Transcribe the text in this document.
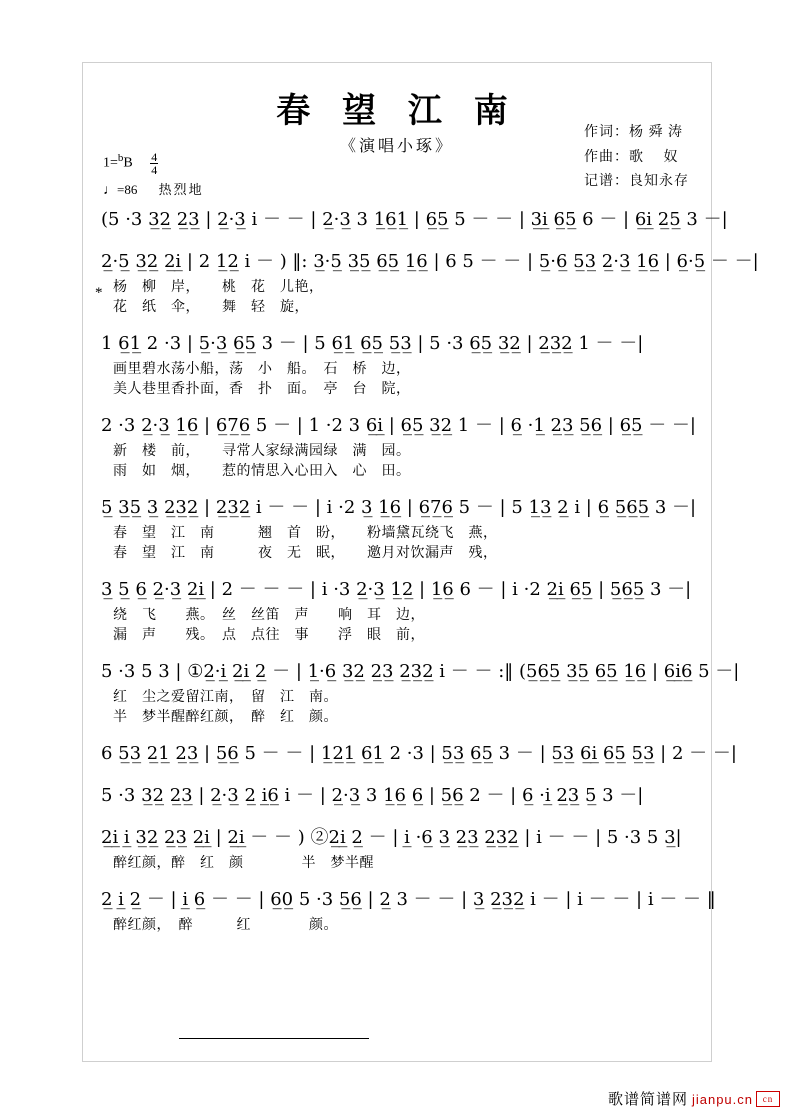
春 望 江 南
《演唱小琢》
作词：杨 舜 涛
作曲：歌　 奴
记谱：良知永存
$1=^bB \frac{4}{4}$
♩=86 热烈地
*
(5 ·3 3̲2̲ 2̲3̲ | 2̲·3̲ i － － | 2̲·3̲ 3 1̲6̲1̲ | 6̲5̲ 5 － － | 3̲i̲ 6̲5̲ 6 － | 6̲i̲ 2̲5̲ 3 －|
2̲·5̲ 3̲2̲ 2̲i̲ | 2 1̲2̲ i － ) ‖: 3̲·5̲ 3̲5̲ 6̲5̲ 1̲6̲ | 6 5 － － | 5̲·6̲ 5̲3̲ 2̲·3̲ 1̲6̲ | 6̲·5̲ － －|
杨　柳　岸，　　桃　花　儿艳，
花　纸　伞，　　舞　轻　旋，
1 6̲1̲ 2 ·3 | 5̲·3̲ 6̲5̲ 3 － | 5 6̲1̲ 6̲5̲ 5̲3̲ | 5 ·3 6̲5̲ 3̲2̲ | 2̲3̲2̲ 1 － －|
画里碧水荡小船，荡　小　船。　石　桥　边，
美人巷里香扑面，香　扑　面。　亭　台　院，
2 ·3 2̲·3̲ 1̲6̲ | 6̲7̲6̲ 5 － | 1 ·2 3 6̲i̲ | 6̲5̲ 3̲2̲ 1 － | 6̲ ·1̲ 2̲3̲ 5̲6̲ | 6̲5̲ － －|
新　楼　前，　　寻常人家绿满园绿　满　园。
雨　如　烟，　　惹的情思入心田入　心　田。
5̲ 3̲5̲ 3̲ 2̲3̲2̲ | 2̲3̲2̲ i － － | i ·2 3̲ 1̲6̲ | 6̲7̲6̲ 5 － | 5 1̲3̲ 2̲ i | 6̲ 5̲6̲5̲ 3 －|
春　望　江　南　　　翘　首　盼，　　粉墙黛瓦绕飞　燕，
春　望　江　南　　　夜　无　眠，　　邀月对饮漏声　残，
3̲ 5̲ 6̲ 2̲·3̲ 2̲i̲ | 2 － － － | i ·3 2̲·3̲ 1̲2̲ | 1̲6̲ 6 － | i ·2 2̲i̲ 6̲5̲ | 5̲6̲5̲ 3 －|
绕　飞　　燕。　丝　丝笛　声　　响　耳　边，
漏　声　　残。　点　点往　事　　浮　眼　前，
5 ·3 5 3 | ①2̲·i̲ 2̲i̲ 2̲ － | 1̲·6̲ 3̲2̲ 2̲3̲ 2̲3̲2̲ i － － :‖ (5̲6̲5̲ 3̲5̲ 6̲5̲ 1̲6̲ | 6̲i̲6̲ 5 －|
红　尘之爱留江南，　留　江　南。
半　梦半醒醉红颜，　醉　红　颜。
6 5̲3̲ 2̲1̲ 2̲3̲ | 5̲6̲ 5 － － | 1̲2̲1̲ 6̲1̲ 2 ·3 | 5̲3̲ 6̲5̲ 3 － | 5̲3̲ 6̲i̲ 6̲5̲ 5̲3̲ | 2 － －|
5 ·3 3̲2̲ 2̲3̲ | 2̲·3̲ 2̲ i̲6̲ i － | 2̲·3̲ 3 1̲6̲ 6̲ | 5̲6̲ 2 － | 6̲ ·i̲ 2̲3̲ 5̲ 3 －|
2̲i̲ i̲ 3̲2̲ 2̲3̲ 2̲i̲ | 2̲i̲ － － ) ②2̲i̲ 2̲ － | i̲ ·6̲ 3̲ 2̲3̲ 2̲3̲2̲ | i － － | 5 ·3 5 3̲|
醉红颜，醉　红　颜　　　　半　梦半醒
2̲ i̲ 2̲ － | i̲ 6̲ － － | 6̲0̲ 5 ·3 5̲6̲ | 2̲ 3 － － | 3̲ 2̲3̲2̲ i － | i － － | i － － ‖
醉红颜，　醉　　　红　　　　颜。
歌谱简谱网 jianpu.cn cn
